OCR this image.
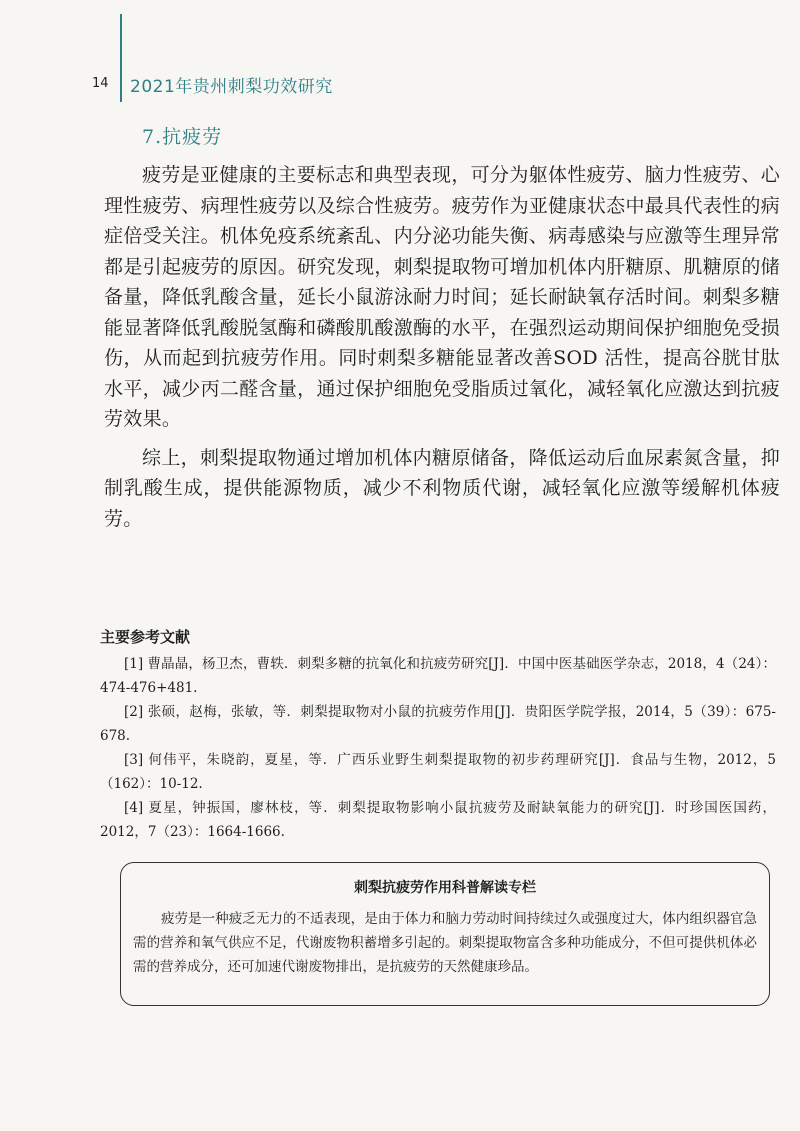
14 2021年贵州刺梨功效研究
7.抗疲劳

疲劳是亚健康的主要标志和典型表现，可分为躯体性疲劳、脑力性疲劳、心理性疲劳、病理性疲劳以及综合性疲劳。疲劳作为亚健康状态中最具代表性的病症倍受关注。机体免疫系统紊乱、内分泌功能失衡、病毒感染与应激等生理异常都是引起疲劳的原因。研究发现，刺梨提取物可增加机体内肝糖原、肌糖原的储备量，降低乳酸含量，延长小鼠游泳耐力时间；延长耐缺氧存活时间。刺梨多糖能显著降低乳酸脱氢酶和磷酸肌酸激酶的水平，在强烈运动期间保护细胞免受损伤，从而起到抗疲劳作用。同时刺梨多糖能显著改善SOD 活性，提高谷胱甘肽水平，减少丙二醛含量，通过保护细胞免受脂质过氧化，减轻氧化应激达到抗疲劳效果。

综上，刺梨提取物通过增加机体内糖原储备，降低运动后血尿素氮含量，抑制乳酸生成，提供能源物质，减少不利物质代谢，减轻氧化应激等缓解机体疲劳。

主要参考文献
[1] 曹晶晶，杨卫杰，曹轶．刺梨多糖的抗氧化和抗疲劳研究[J]．中国中医基础医学杂志，2018，4（24）：474-476+481.
[2] 张硕，赵梅，张敏，等．刺梨提取物对小鼠的抗疲劳作用[J]．贵阳医学院学报，2014，5（39）：675-678.
[3] 何伟平，朱晓韵，夏星，等．广西乐业野生刺梨提取物的初步药理研究[J]．食品与生物，2012，5（162）：10-12.
[4] 夏星，钟振国，廖林枝，等．刺梨提取物影响小鼠抗疲劳及耐缺氧能力的研究[J]．时珍国医国药，2012，7（23）：1664-1666.
刺梨抗疲劳作用科普解读专栏

疲劳是一种疲乏无力的不适表现，是由于体力和脑力劳动时间持续过久或强度过大，体内组织器官急需的营养和氧气供应不足，代谢废物积蓄增多引起的。刺梨提取物富含多种功能成分，不但可提供机体必需的营养成分，还可加速代谢废物排出，是抗疲劳的天然健康珍品。
